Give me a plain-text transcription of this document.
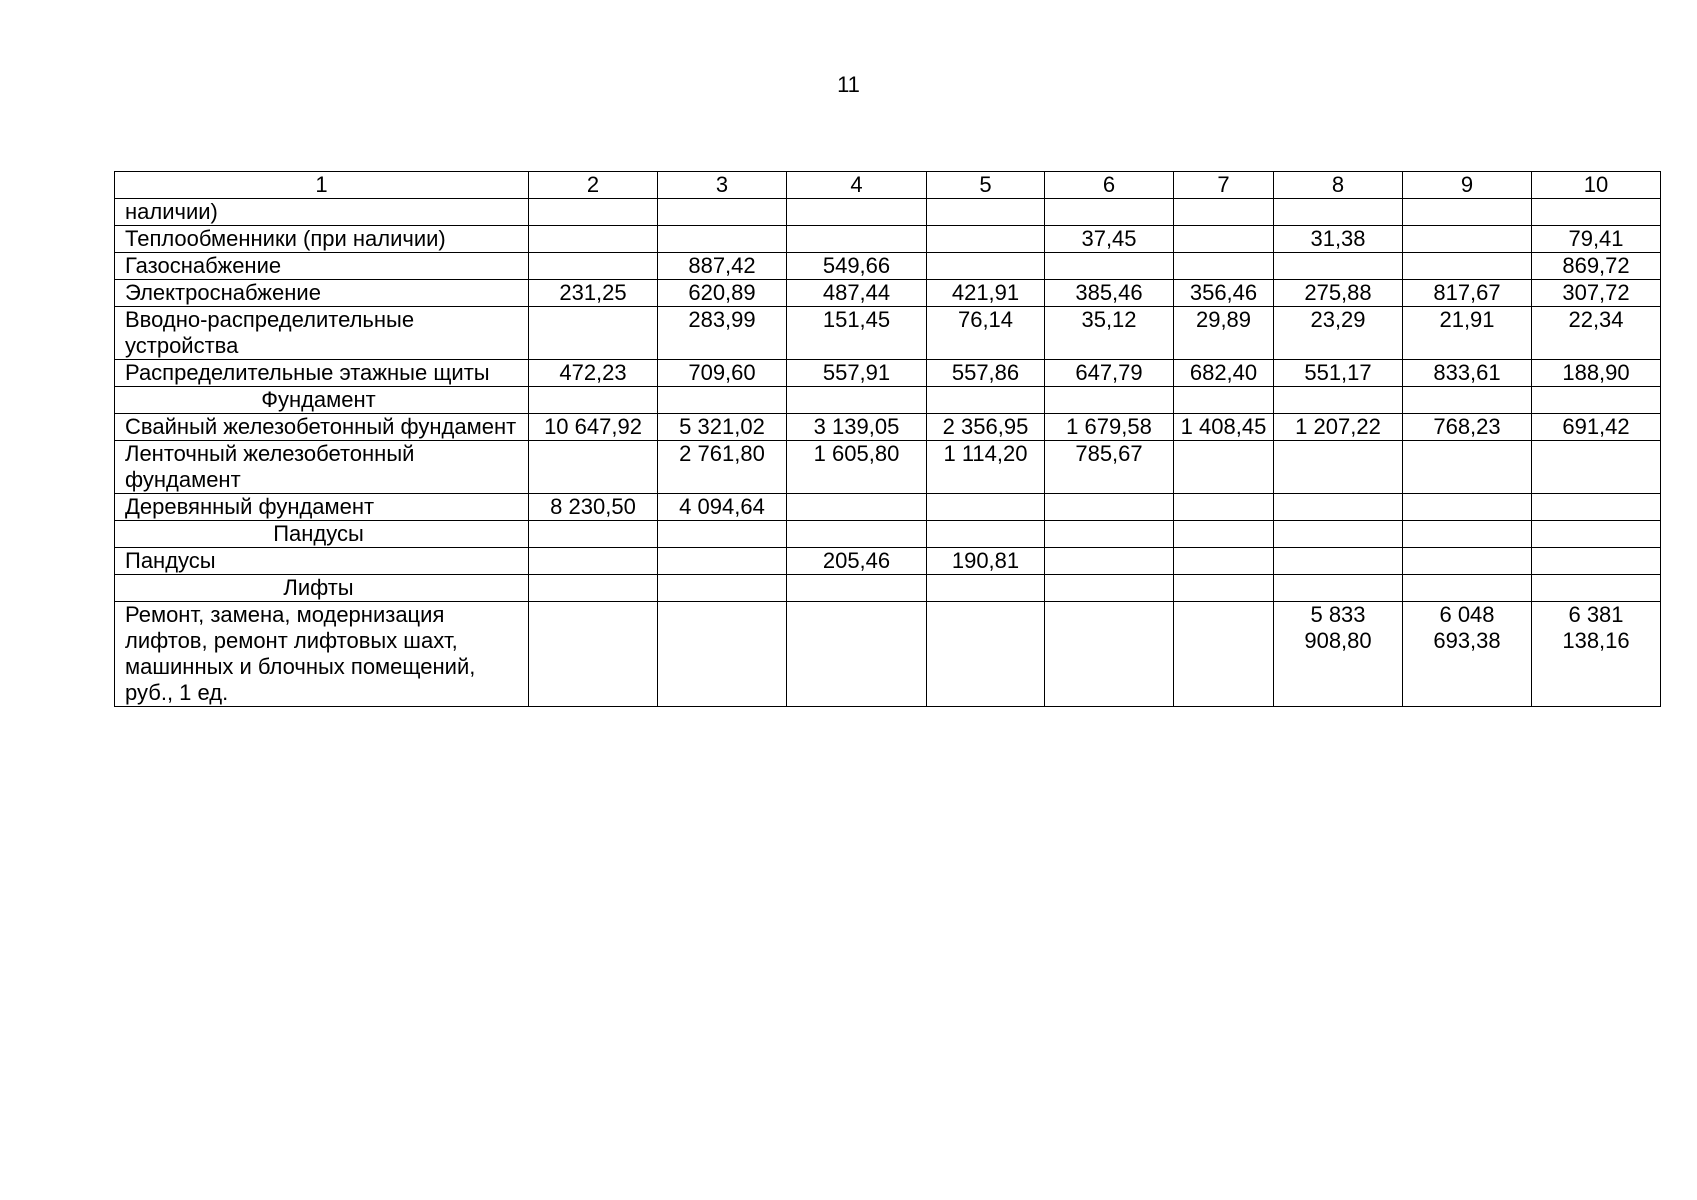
11
1	2	3	4	5	6	7	8	9	10
наличии)									
Теплообменники (при наличии)					37,45		31,38		79,41
Газоснабжение		887,42	549,66						869,72
Электроснабжение	231,25	620,89	487,44	421,91	385,46	356,46	275,88	817,67	307,72
Вводно-распределительные устройства		283,99	151,45	76,14	35,12	29,89	23,29	21,91	22,34
Распределительные этажные щиты	472,23	709,60	557,91	557,86	647,79	682,40	551,17	833,61	188,90
Фундамент									
Свайный железобетонный фундамент	10 647,92	5 321,02	3 139,05	2 356,95	1 679,58	1 408,45	1 207,22	768,23	691,42
Ленточный железобетонный фундамент		2 761,80	1 605,80	1 114,20	785,67				
Деревянный фундамент	8 230,50	4 094,64							
Пандусы									
Пандусы			205,46	190,81					
Лифты									
Ремонт, замена, модернизация лифтов, ремонт лифтовых шахт, машинных и блочных помещений, руб., 1 ед.							5 833 908,80	6 048 693,38	6 381 138,16
